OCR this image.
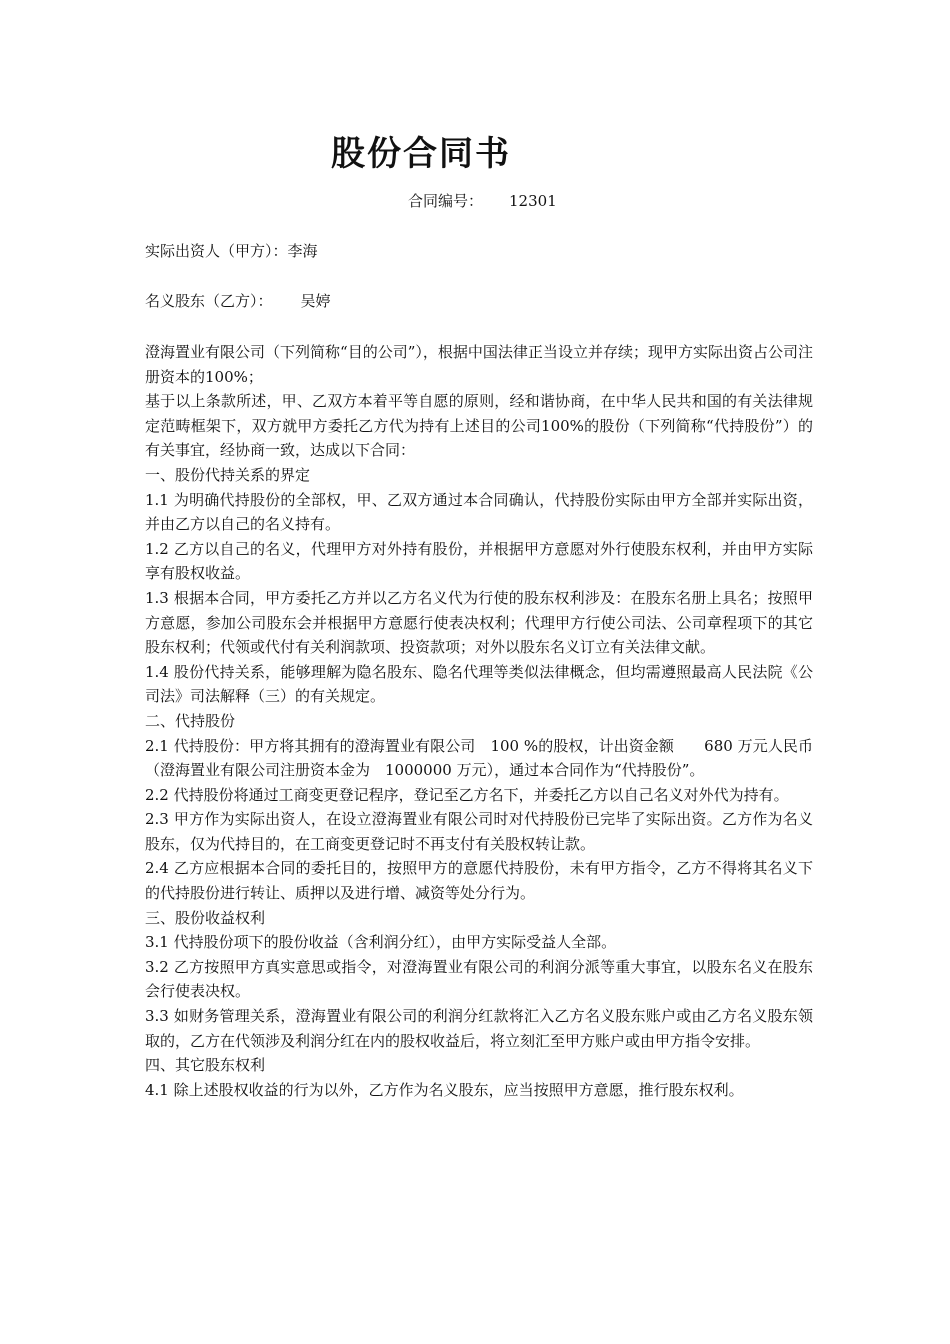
股份合同书
合同编号： 12301
实际出资人（甲方）：李海
名义股东（乙方）： 吴婷

澄海置业有限公司（下列简称“目的公司”），根据中国法律正当设立并存续；现甲方实际出资占公司注册资本的100%；

基于以上条款所述，甲、乙双方本着平等自愿的原则，经和谐协商，在中华人民共和国的有关法律规定范畴框架下，双方就甲方委托乙方代为持有上述目的公司100%的股份（下列简称“代持股份”）的有关事宜，经协商一致，达成以下合同：

一、股份代持关系的界定

1.1 为明确代持股份的全部权，甲、乙双方通过本合同确认，代持股份实际由甲方全部并实际出资，并由乙方以自己的名义持有。

1.2 乙方以自己的名义，代理甲方对外持有股份，并根据甲方意愿对外行使股东权利，并由甲方实际享有股权收益。

1.3 根据本合同，甲方委托乙方并以乙方名义代为行使的股东权利涉及：在股东名册上具名；按照甲方意愿，参加公司股东会并根据甲方意愿行使表决权利；代理甲方行使公司法、公司章程项下的其它股东权利；代领或代付有关利润款项、投资款项；对外以股东名义订立有关法律文献。

1.4 股份代持关系，能够理解为隐名股东、隐名代理等类似法律概念，但均需遵照最高人民法院《公司法》司法解释（三）的有关规定。

二、代持股份

2.1 代持股份：甲方将其拥有的澄海置业有限公司　100 %的股权，计出资金额　　680 万元人民币（澄海置业有限公司注册资本金为　1000000 万元），通过本合同作为“代持股份”。

2.2 代持股份将通过工商变更登记程序，登记至乙方名下，并委托乙方以自己名义对外代为持有。

2.3 甲方作为实际出资人，在设立澄海置业有限公司时对代持股份已完毕了实际出资。乙方作为名义股东，仅为代持目的，在工商变更登记时不再支付有关股权转让款。

2.4 乙方应根据本合同的委托目的，按照甲方的意愿代持股份，未有甲方指令，乙方不得将其名义下的代持股份进行转让、质押以及进行增、减资等处分行为。

三、股份收益权利

3.1 代持股份项下的股份收益（含利润分红），由甲方实际受益人全部。

3.2 乙方按照甲方真实意思或指令，对澄海置业有限公司的利润分派等重大事宜，以股东名义在股东会行使表决权。

3.3 如财务管理关系，澄海置业有限公司的利润分红款将汇入乙方名义股东账户或由乙方名义股东领取的，乙方在代领涉及利润分红在内的股权收益后，将立刻汇至甲方账户或由甲方指令安排。

四、其它股东权利

4.1 除上述股权收益的行为以外，乙方作为名义股东，应当按照甲方意愿，推行股东权利。
